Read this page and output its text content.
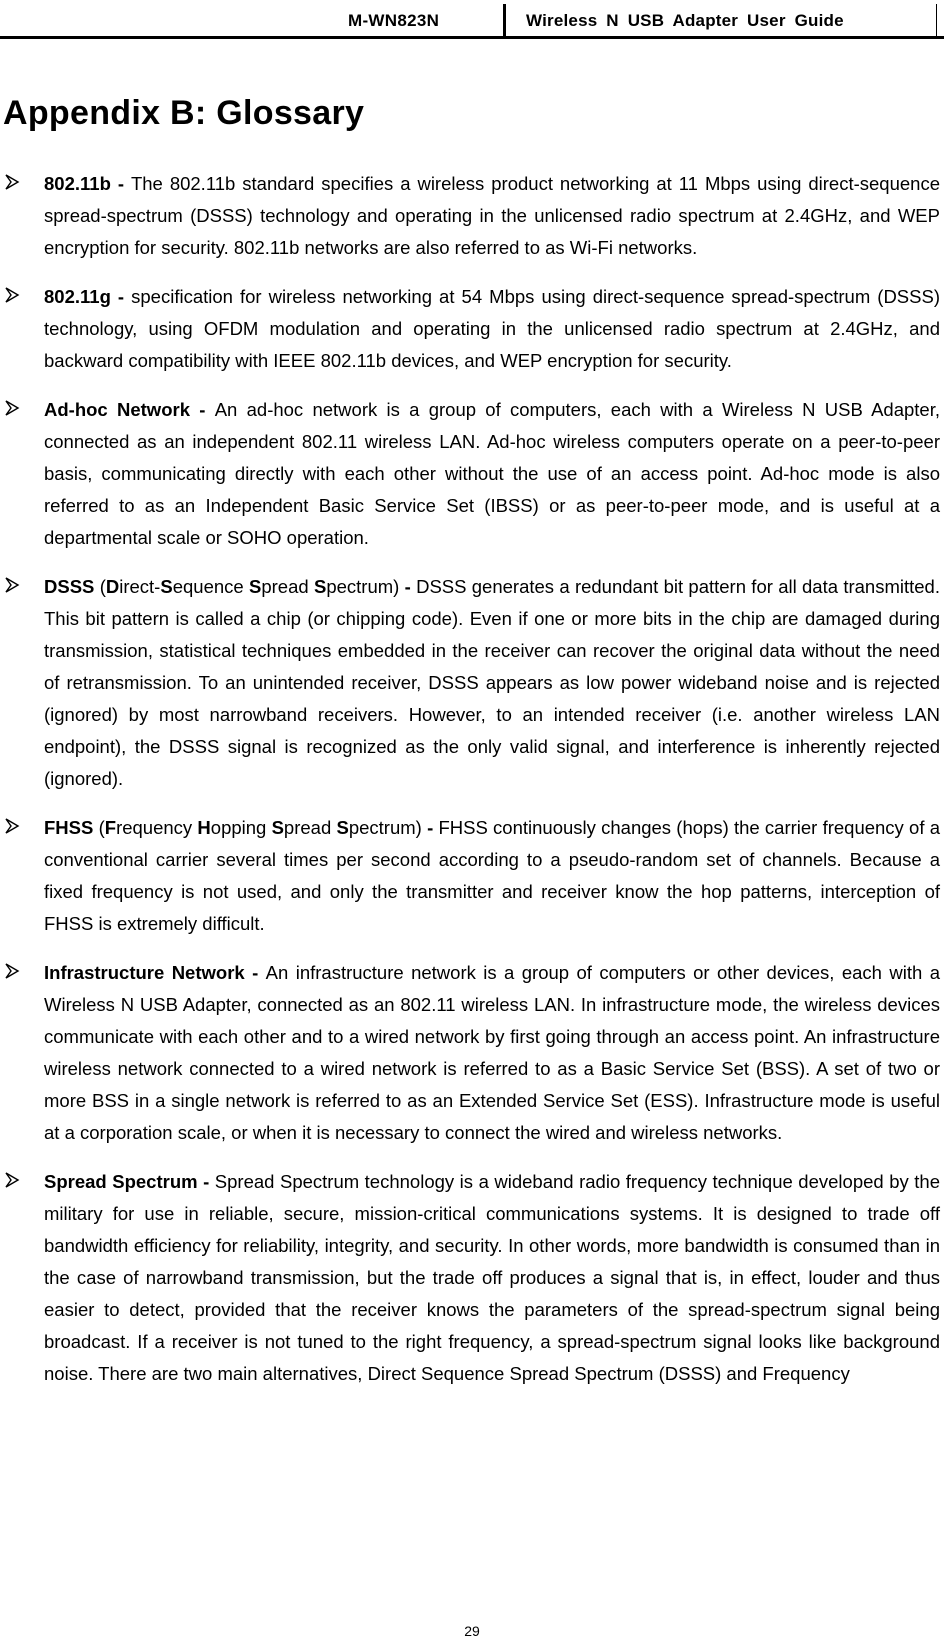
M-WN823N	Wireless N USB Adapter User Guide
Appendix B: Glossary

802.11b - The 802.11b standard specifies a wireless product networking at 11 Mbps using direct-sequence spread-spectrum (DSSS) technology and operating in the unlicensed radio spectrum at 2.4GHz, and WEP encryption for security. 802.11b networks are also referred to as Wi-Fi networks.

802.11g - specification for wireless networking at 54 Mbps using direct-sequence spread-spectrum (DSSS) technology, using OFDM modulation and operating in the unlicensed radio spectrum at 2.4GHz, and backward compatibility with IEEE 802.11b devices, and WEP encryption for security.

Ad-hoc Network - An ad-hoc network is a group of computers, each with a Wireless N USB Adapter, connected as an independent 802.11 wireless LAN. Ad-hoc wireless computers operate on a peer-to-peer basis, communicating directly with each other without the use of an access point. Ad-hoc mode is also referred to as an Independent Basic Service Set (IBSS) or as peer-to-peer mode, and is useful at a departmental scale or SOHO operation.

DSSS (Direct-Sequence Spread Spectrum) - DSSS generates a redundant bit pattern for all data transmitted. This bit pattern is called a chip (or chipping code). Even if one or more bits in the chip are damaged during transmission, statistical techniques embedded in the receiver can recover the original data without the need of retransmission. To an unintended receiver, DSSS appears as low power wideband noise and is rejected (ignored) by most narrowband receivers. However, to an intended receiver (i.e. another wireless LAN endpoint), the DSSS signal is recognized as the only valid signal, and interference is inherently rejected (ignored).

FHSS (Frequency Hopping Spread Spectrum) - FHSS continuously changes (hops) the carrier frequency of a conventional carrier several times per second according to a pseudo-random set of channels. Because a fixed frequency is not used, and only the transmitter and receiver know the hop patterns, interception of FHSS is extremely difficult.

Infrastructure Network - An infrastructure network is a group of computers or other devices, each with a Wireless N USB Adapter, connected as an 802.11 wireless LAN. In infrastructure mode, the wireless devices communicate with each other and to a wired network by first going through an access point. An infrastructure wireless network connected to a wired network is referred to as a Basic Service Set (BSS). A set of two or more BSS in a single network is referred to as an Extended Service Set (ESS). Infrastructure mode is useful at a corporation scale, or when it is necessary to connect the wired and wireless networks.

Spread Spectrum - Spread Spectrum technology is a wideband radio frequency technique developed by the military for use in reliable, secure, mission-critical communications systems. It is designed to trade off bandwidth efficiency for reliability, integrity, and security. In other words, more bandwidth is consumed than in the case of narrowband transmission, but the trade off produces a signal that is, in effect, louder and thus easier to detect, provided that the receiver knows the parameters of the spread-spectrum signal being broadcast. If a receiver is not tuned to the right frequency, a spread-spectrum signal looks like background noise. There are two main alternatives, Direct Sequence Spread Spectrum (DSSS) and Frequency

29
